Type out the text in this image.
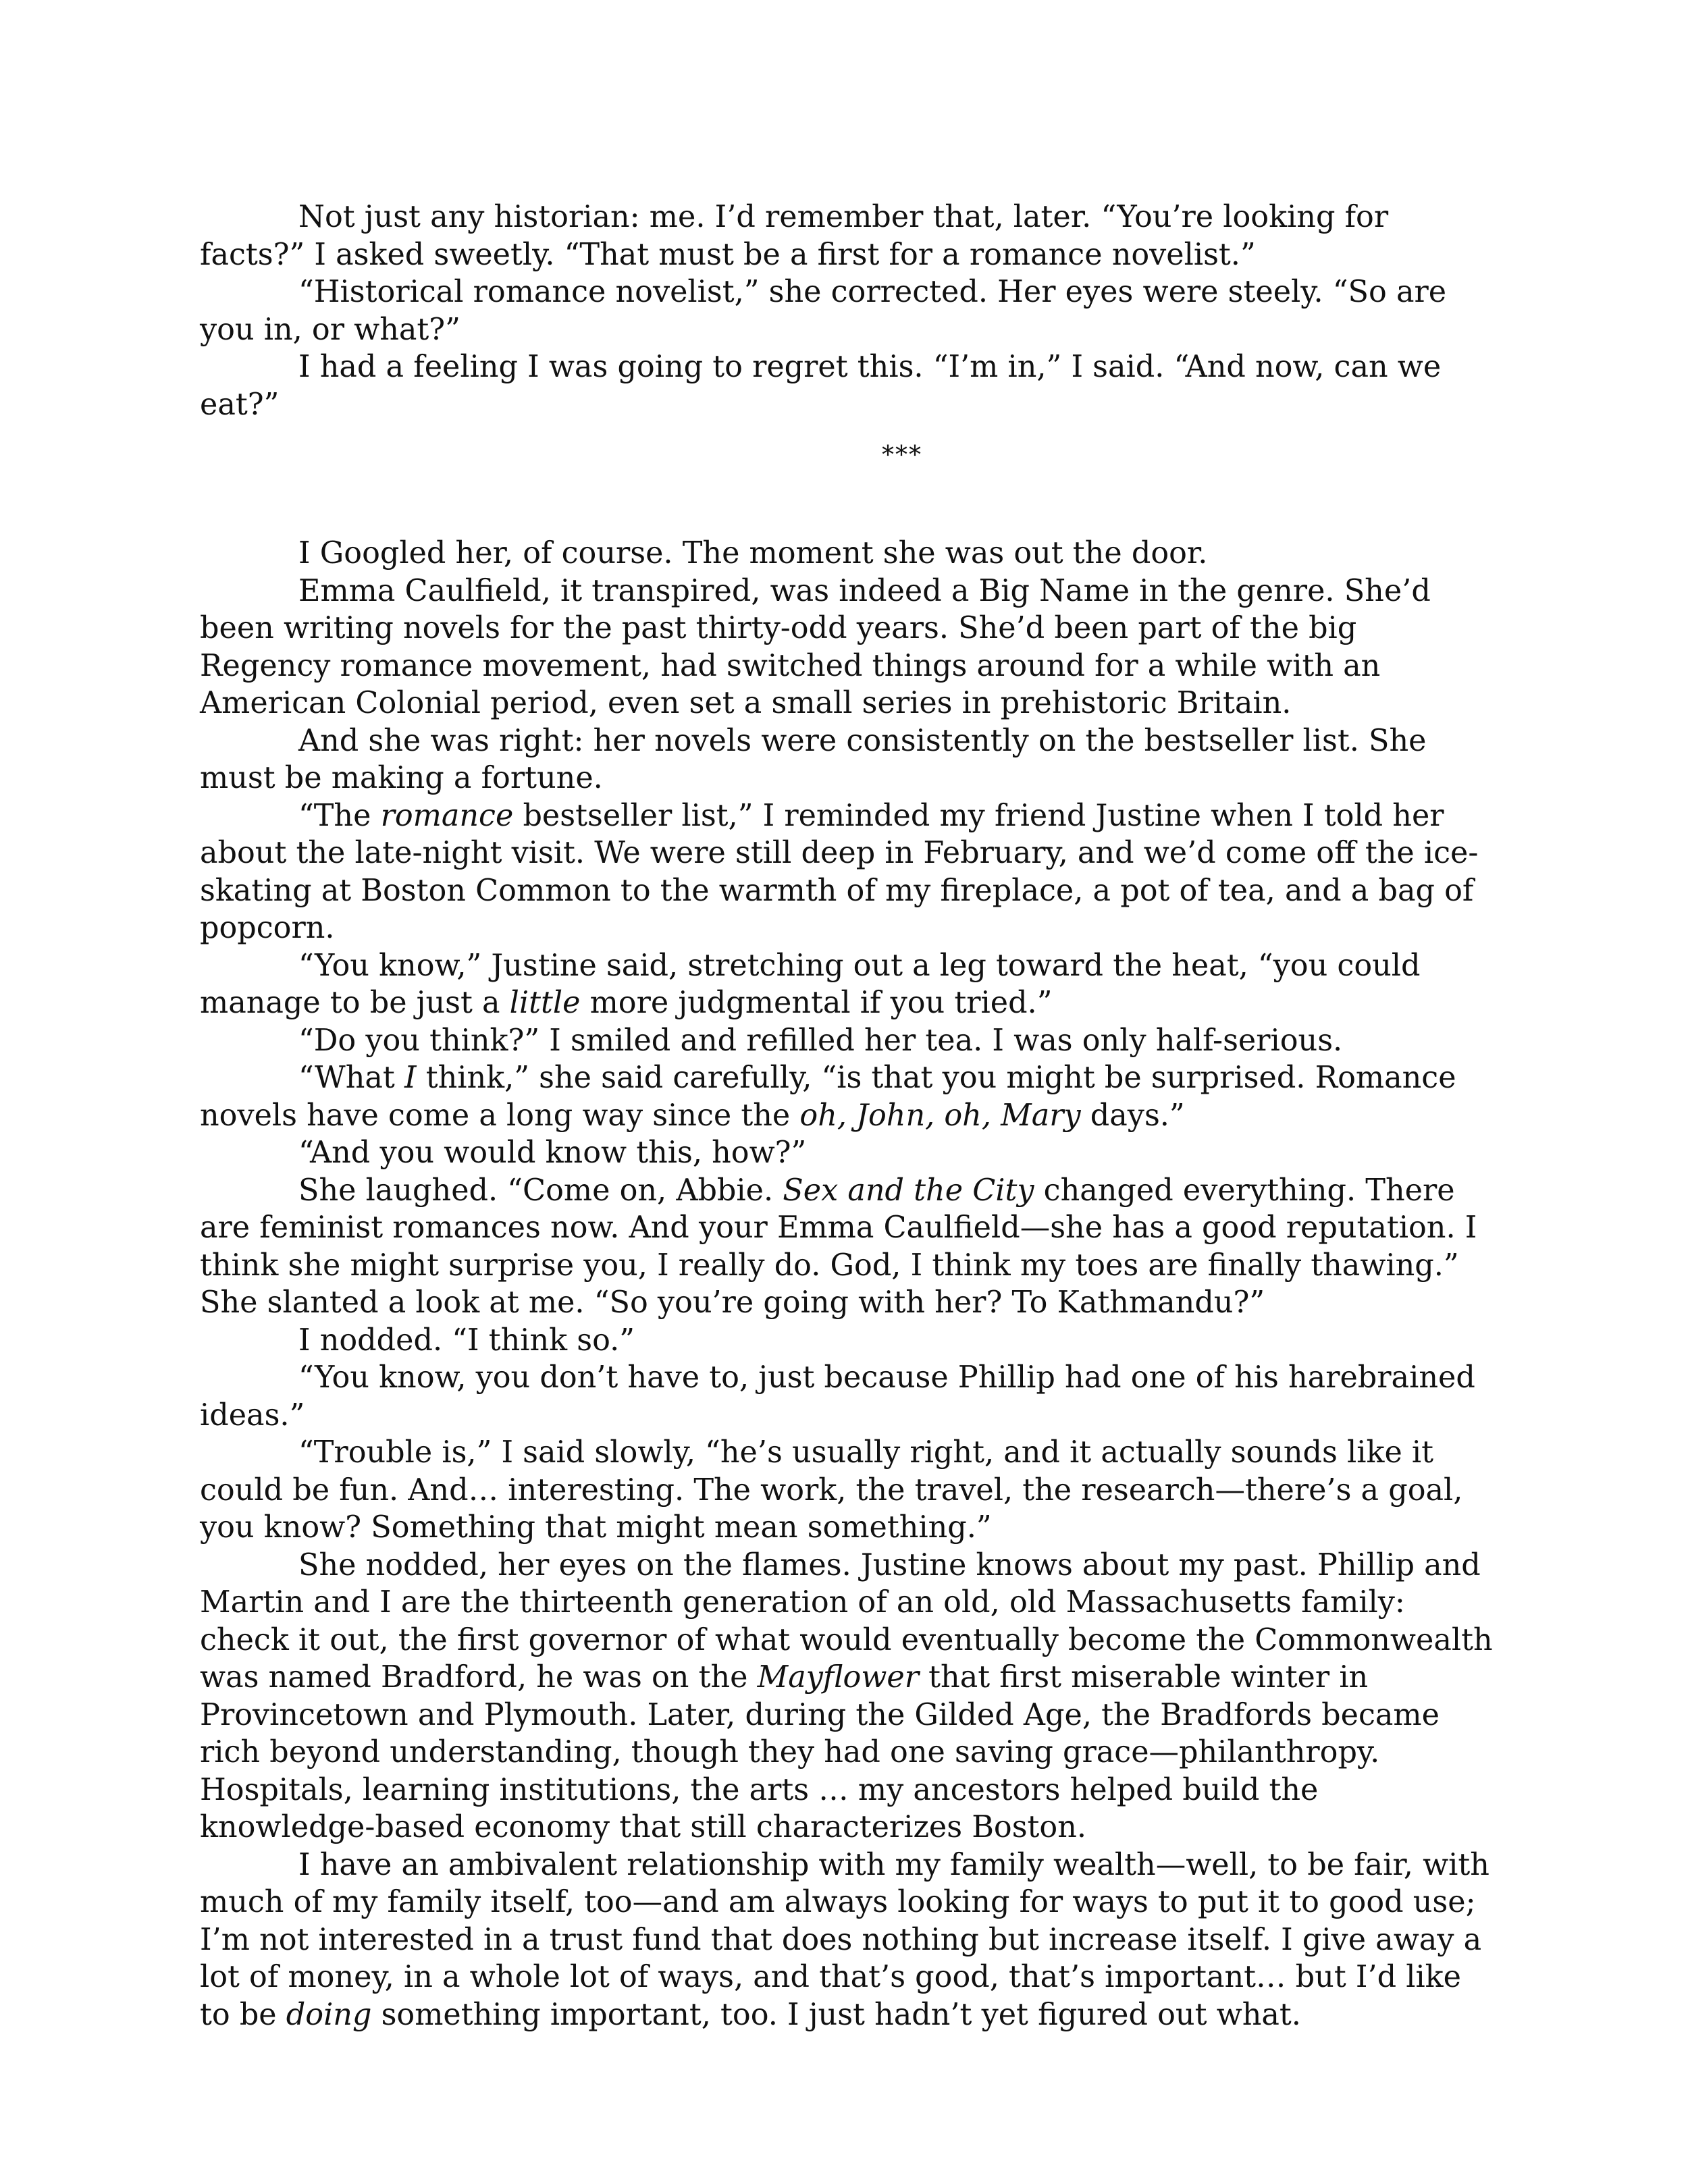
Not just any historian: me. I’d remember that, later. “You’re looking for facts?” I asked sweetly. “That must be a first for a romance novelist.”

“Historical romance novelist,” she corrected. Her eyes were steely. “So are you in, or what?”

I had a feeling I was going to regret this. “I’m in,” I said. “And now, can we eat?”

***

I Googled her, of course. The moment she was out the door.

Emma Caulfield, it transpired, was indeed a Big Name in the genre. She’d been writing novels for the past thirty-odd years. She’d been part of the big Regency romance movement, had switched things around for a while with an American Colonial period, even set a small series in prehistoric Britain.

And she was right: her novels were consistently on the bestseller list. She must be making a fortune.

“The romance bestseller list,” I reminded my friend Justine when I told her about the late-night visit. We were still deep in February, and we’d come off the ice-skating at Boston Common to the warmth of my fireplace, a pot of tea, and a bag of popcorn.

“You know,” Justine said, stretching out a leg toward the heat, “you could manage to be just a little more judgmental if you tried.”

“Do you think?” I smiled and refilled her tea. I was only half-serious.

“What I think,” she said carefully, “is that you might be surprised. Romance novels have come a long way since the oh, John, oh, Mary days.”

“And you would know this, how?”

She laughed. “Come on, Abbie. Sex and the City changed everything. There are feminist romances now. And your Emma Caulfield—she has a good reputation. I think she might surprise you, I really do. God, I think my toes are finally thawing.” She slanted a look at me. “So you’re going with her? To Kathmandu?”

I nodded. “I think so.”

“You know, you don’t have to, just because Phillip had one of his harebrained ideas.”

“Trouble is,” I said slowly, “he’s usually right, and it actually sounds like it could be fun. And… interesting. The work, the travel, the research—there’s a goal, you know? Something that might mean something.”

She nodded, her eyes on the flames. Justine knows about my past. Phillip and Martin and I are the thirteenth generation of an old, old Massachusetts family: check it out, the first governor of what would eventually become the Commonwealth was named Bradford, he was on the Mayflower that first miserable winter in Provincetown and Plymouth. Later, during the Gilded Age, the Bradfords became rich beyond understanding, though they had one saving grace—philanthropy. Hospitals, learning institutions, the arts … my ancestors helped build the knowledge-based economy that still characterizes Boston.

I have an ambivalent relationship with my family wealth—well, to be fair, with much of my family itself, too—and am always looking for ways to put it to good use; I’m not interested in a trust fund that does nothing but increase itself. I give away a lot of money, in a whole lot of ways, and that’s good, that’s important… but I’d like to be doing something important, too. I just hadn’t yet figured out what.
